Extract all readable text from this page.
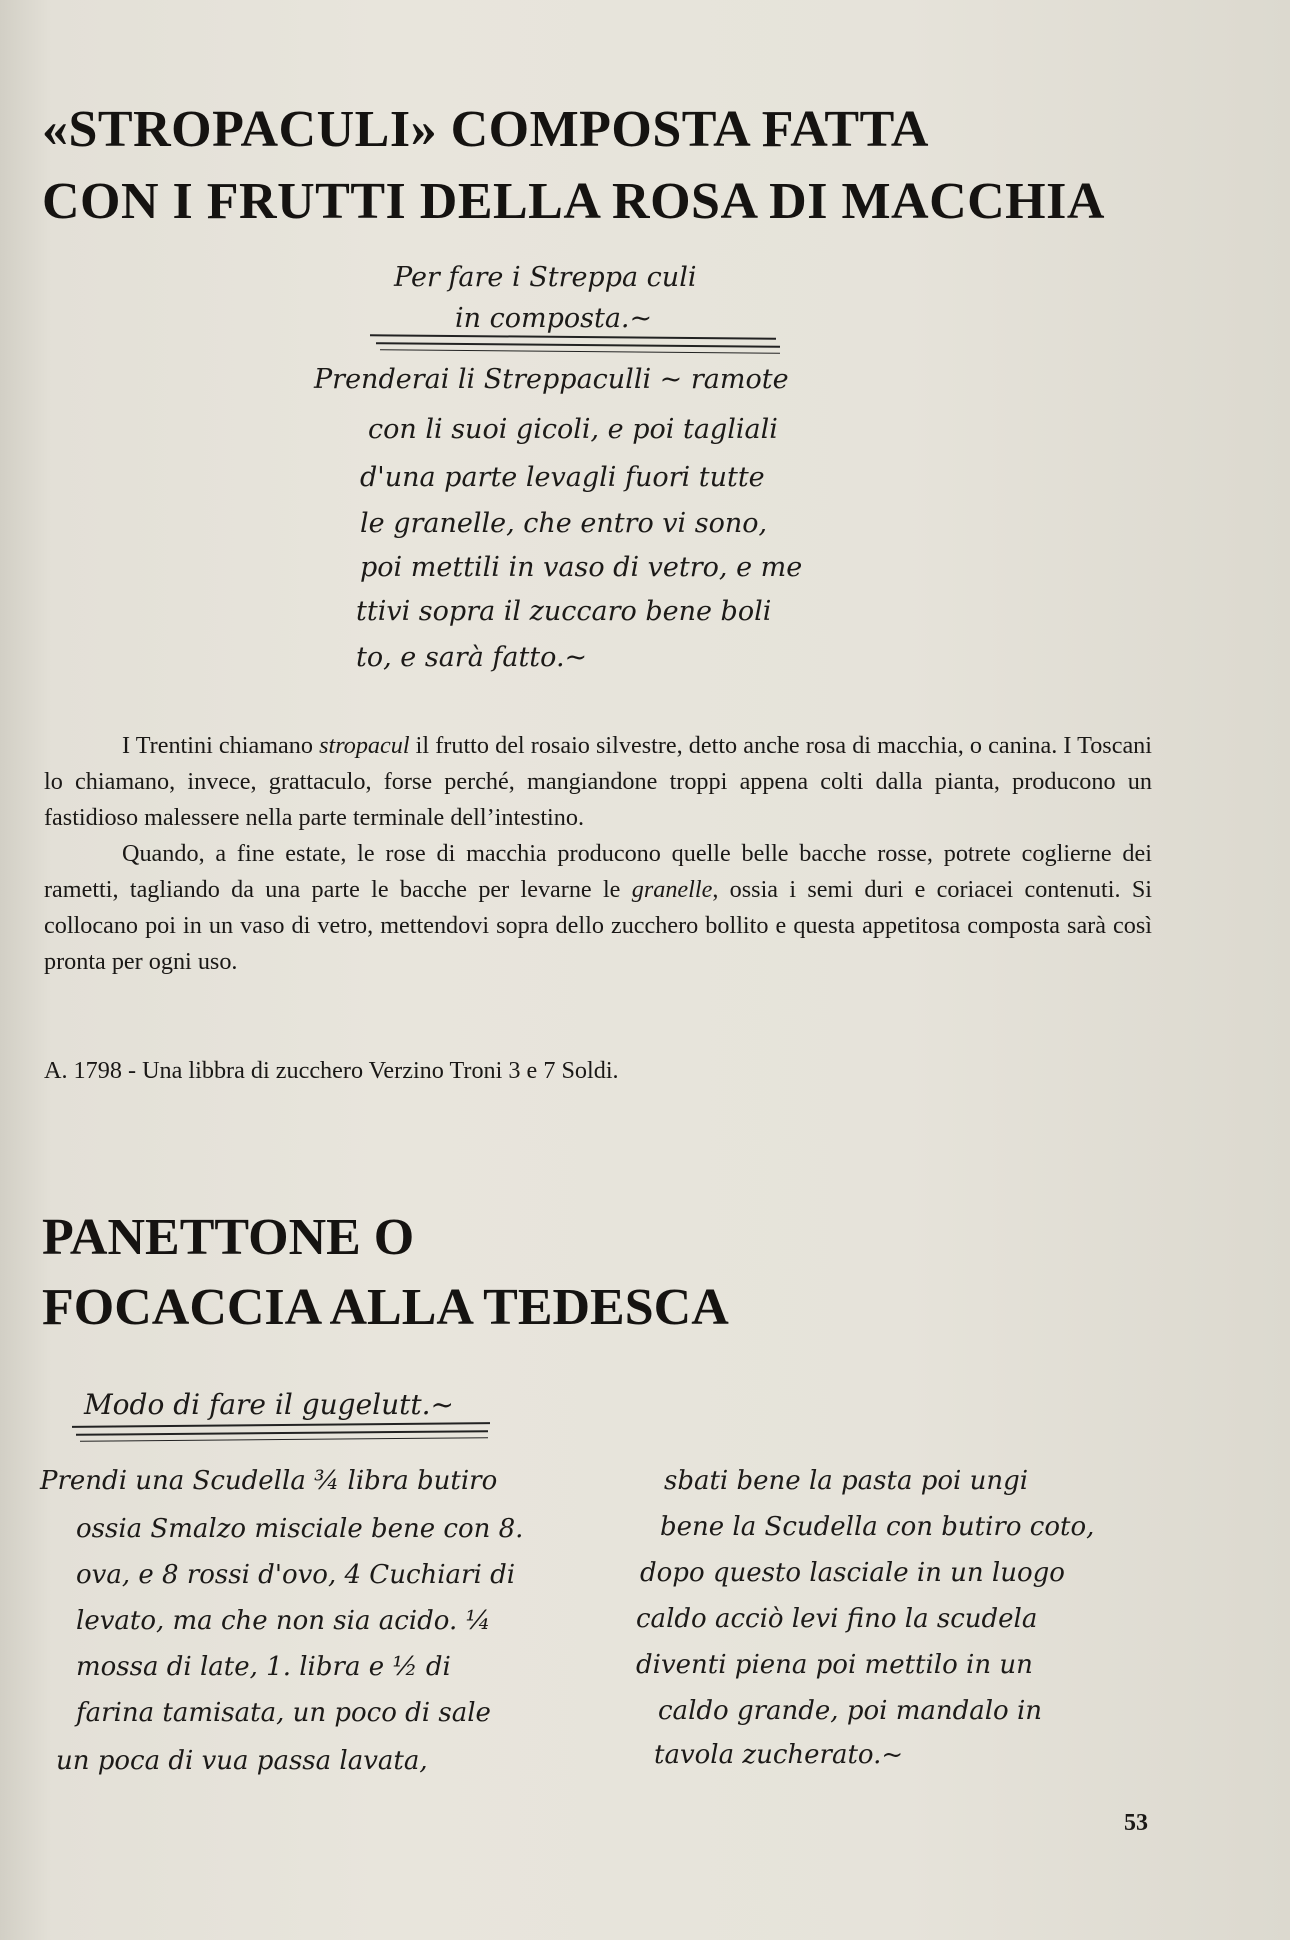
«STROPACULI» COMPOSTA FATTA
CON I FRUTTI DELLA ROSA DI MACCHIA
Per fare i Streppa culi
in composta.~
Prenderai li Streppaculli ~ ramote
con li suoi gicoli, e poi tagliali
d'una parte levagli fuori tutte
le granelle, che entro vi sono,
poi mettili in vaso di vetro, e me
ttivi sopra il zuccaro bene boli
to, e sarà fatto.~

I Trentini chiamano stropacul il frutto del rosaio silvestre, detto anche rosa di macchia, o canina. I Toscani lo chiamano, invece, grattaculo, forse perché, mangiandone troppi appena colti dalla pianta, producono un fastidioso malessere nella parte terminale dell’intestino.

Quando, a fine estate, le rose di macchia producono quelle belle bacche rosse, potrete coglierne dei rametti, tagliando da una parte le bacche per levarne le granelle, ossia i semi duri e coriacei contenuti. Si collocano poi in un vaso di vetro, mettendovi sopra dello zucchero bollito e questa appetitosa composta sarà così pronta per ogni uso.

A. 1798 - Una libbra di zucchero Verzino Troni 3 e 7 Soldi.
PANETTONE O
FOCACCIA ALLA TEDESCA
Modo di fare il gugelutt.~
Prendi una Scudella ¾ libra butiro
ossia Smalzo misciale bene con 8.
ova, e 8 rossi d'ovo, 4 Cuchiari di
levato, ma che non sia acido. ¼
mossa di late, 1. libra e ½ di
farina tamisata, un poco di sale
un poca di vua passa lavata,
sbati bene la pasta poi ungi
bene la Scudella con butiro coto,
dopo questo lasciale in un luogo
caldo acciò levi fino la scudela
diventi piena poi mettilo in un
caldo grande, poi mandalo in
tavola zucherato.~
53
